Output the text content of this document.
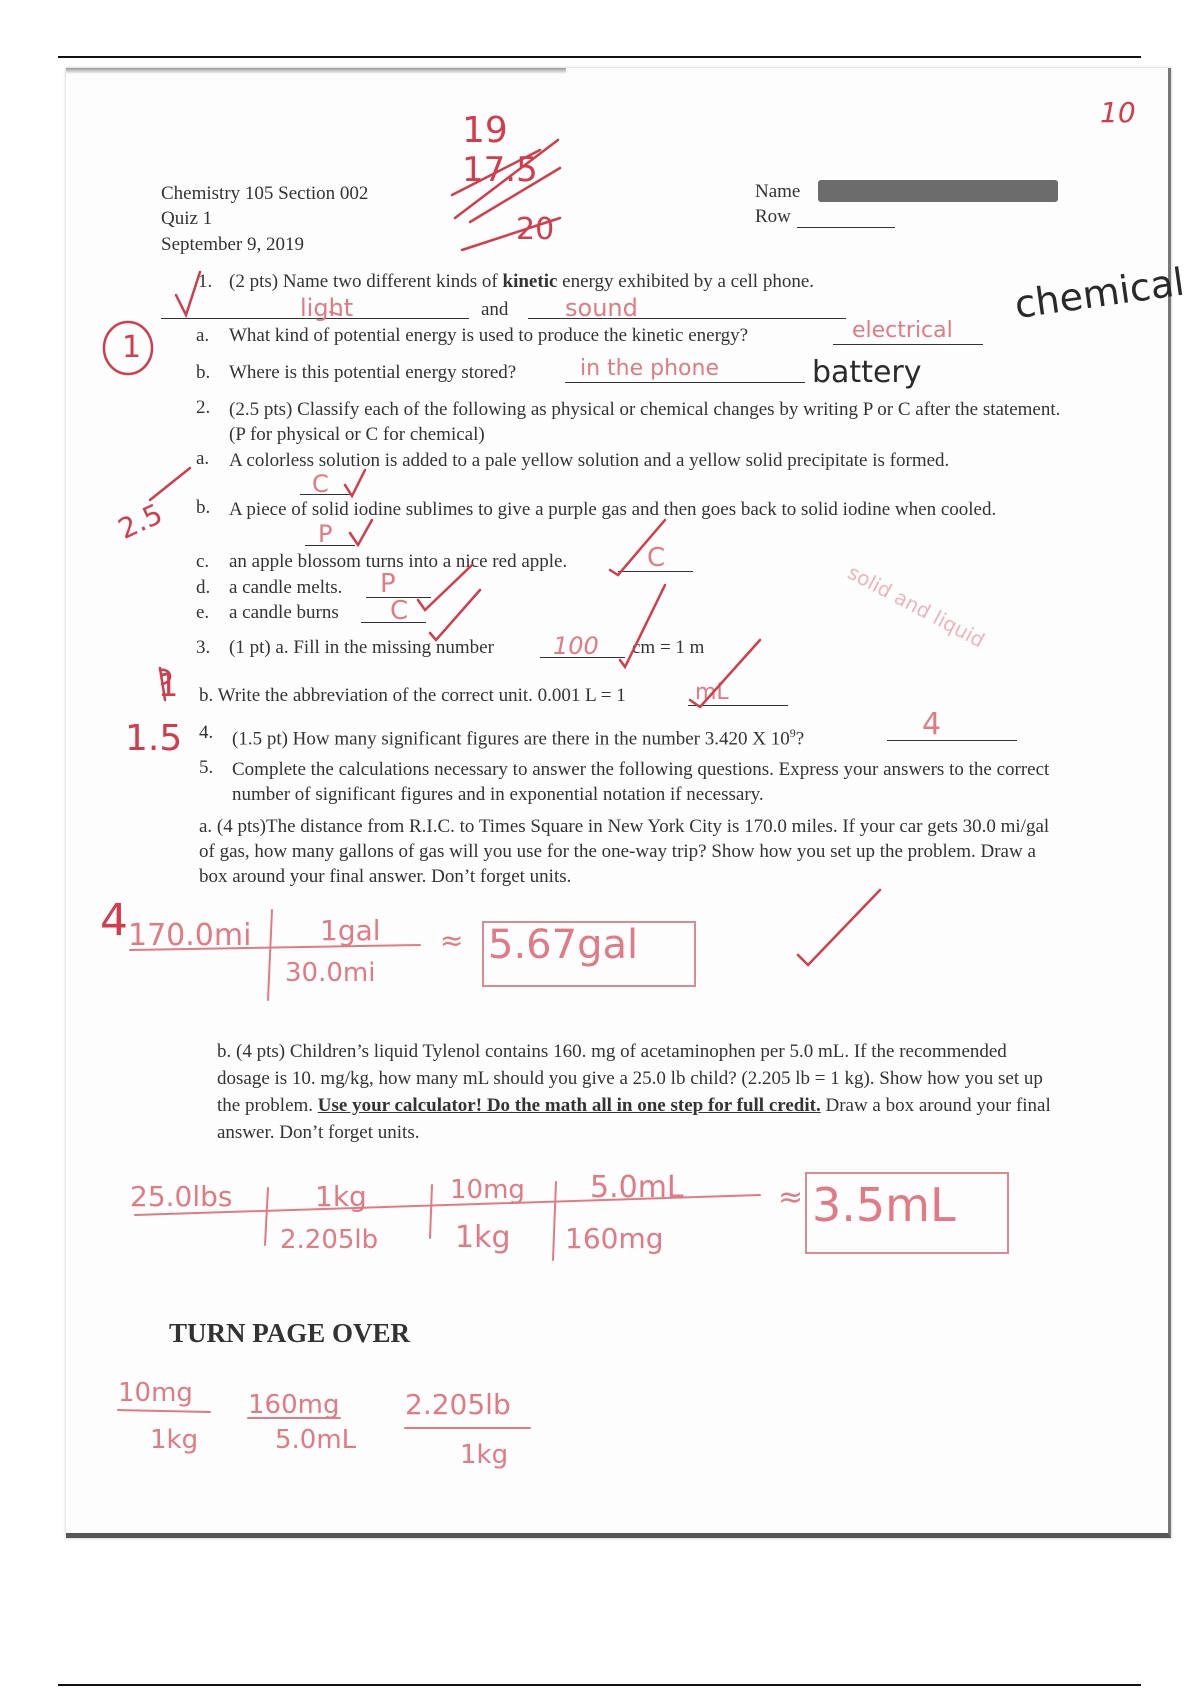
10
19
17.5
20
Chemistry 105 Section 002
Quiz 1
September 9, 2019
Name
Row
1. (2 pts) Name two different kinds of kinetic energy exhibited by a cell phone.
light	and sound
1	a. What kind of potential energy is used to produce the kinetic energy?	electrical
chemical
b. Where is this potential energy stored?	in the phone	battery
2. (2.5 pts) Classify each of the following as physical or chemical changes by writing P or C after the statement. (P for physical or C for chemical)
2.5
a. A colorless solution is added to a pale yellow solution and a yellow solid precipitate is formed.
C
b. A piece of solid iodine sublimes to give a purple gas and then goes back to solid iodine when cooled.
P
c. an apple blossom turns into a nice red apple.	C
d. a candle melts. P
e. a candle burns C	solid and liquid
3. (1 pt) a. Fill in the missing number 100 cm = 1 m
1 b. Write the abbreviation of the correct unit. 0.001 L = 1	mL
1.5 4. (1.5 pt) How many significant figures are there in the number 3.420 X $10^9$?	4
5. Complete the calculations necessary to answer the following questions. Express your answers to the correct number of significant figures and in exponential notation if necessary.
a. (4 pts)The distance from R.I.C. to Times Square in New York City is 170.0 miles. If your car gets 30.0 mi/gal of gas, how many gallons of gas will you use for the one-way trip? Show how you set up the problem. Draw a box around your final answer. Don’t forget units.
4 170.0mi 1gal
30.0mi
≈ 5.67gal
b. (4 pts) Children’s liquid Tylenol contains 160. mg of acetaminophen per 5.0 mL. If the recommended dosage is 10. mg/kg, how many mL should you give a 25.0 lb child? (2.205 lb = 1 kg). Show how you set up the problem. Use your calculator! Do the math all in one step for full credit. Draw a box around your final answer. Don’t forget units.
25.0lbs	1kg
2.205lb
10mg
1kg
5.0mL
160mg
≈ 3.5mL
TURN PAGE OVER
10mg
1kg
160mg
5.0mL
2.205lb
1kg
